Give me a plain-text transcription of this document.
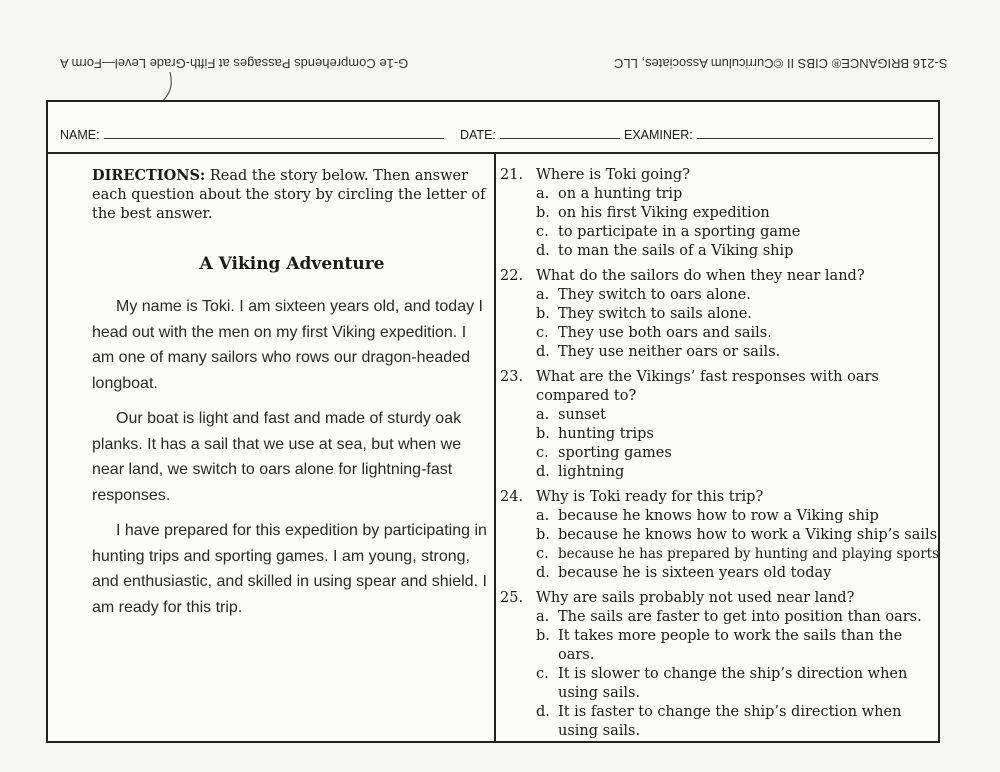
G-1e Comprehends Passages at Fifth-Grade Level—Form A	S-216 BRIGANCE® CIBS II ©Curriculum Associates, LLC
NAME:	DATE:	EXAMINER:

DIRECTIONS: Read the story below. Then answer each question about the story by circling the letter of the best answer.

A Viking Adventure

My name is Toki. I am sixteen years old, and today I head out with the men on my first Viking expedition. I am one of many sailors who rows our dragon-headed longboat.

Our boat is light and fast and made of sturdy oak planks. It has a sail that we use at sea, but when we near land, we switch to oars alone for lightning-fast responses.

I have prepared for this expedition by participating in hunting trips and sporting games. I am young, strong, and enthusiastic, and skilled in using spear and shield. I am ready for this trip.

21. Where is Toki going?
a. on a hunting trip
b. on his first Viking expedition
c. to participate in a sporting game
d. to man the sails of a Viking ship
22. What do the sailors do when they near land?
a. They switch to oars alone.
b. They switch to sails alone.
c. They use both oars and sails.
d. They use neither oars or sails.
23. What are the Vikings’ fast responses with oars compared to?
a. sunset
b. hunting trips
c. sporting games
d. lightning
24. Why is Toki ready for this trip?
a. because he knows how to row a Viking ship
b. because he knows how to work a Viking ship’s sails
c. because he has prepared by hunting and playing sports
d. because he is sixteen years old today
25. Why are sails probably not used near land?
a. The sails are faster to get into position than oars.
b. It takes more people to work the sails than the oars.
c. It is slower to change the ship’s direction when using sails.
d. It is faster to change the ship’s direction when using sails.
